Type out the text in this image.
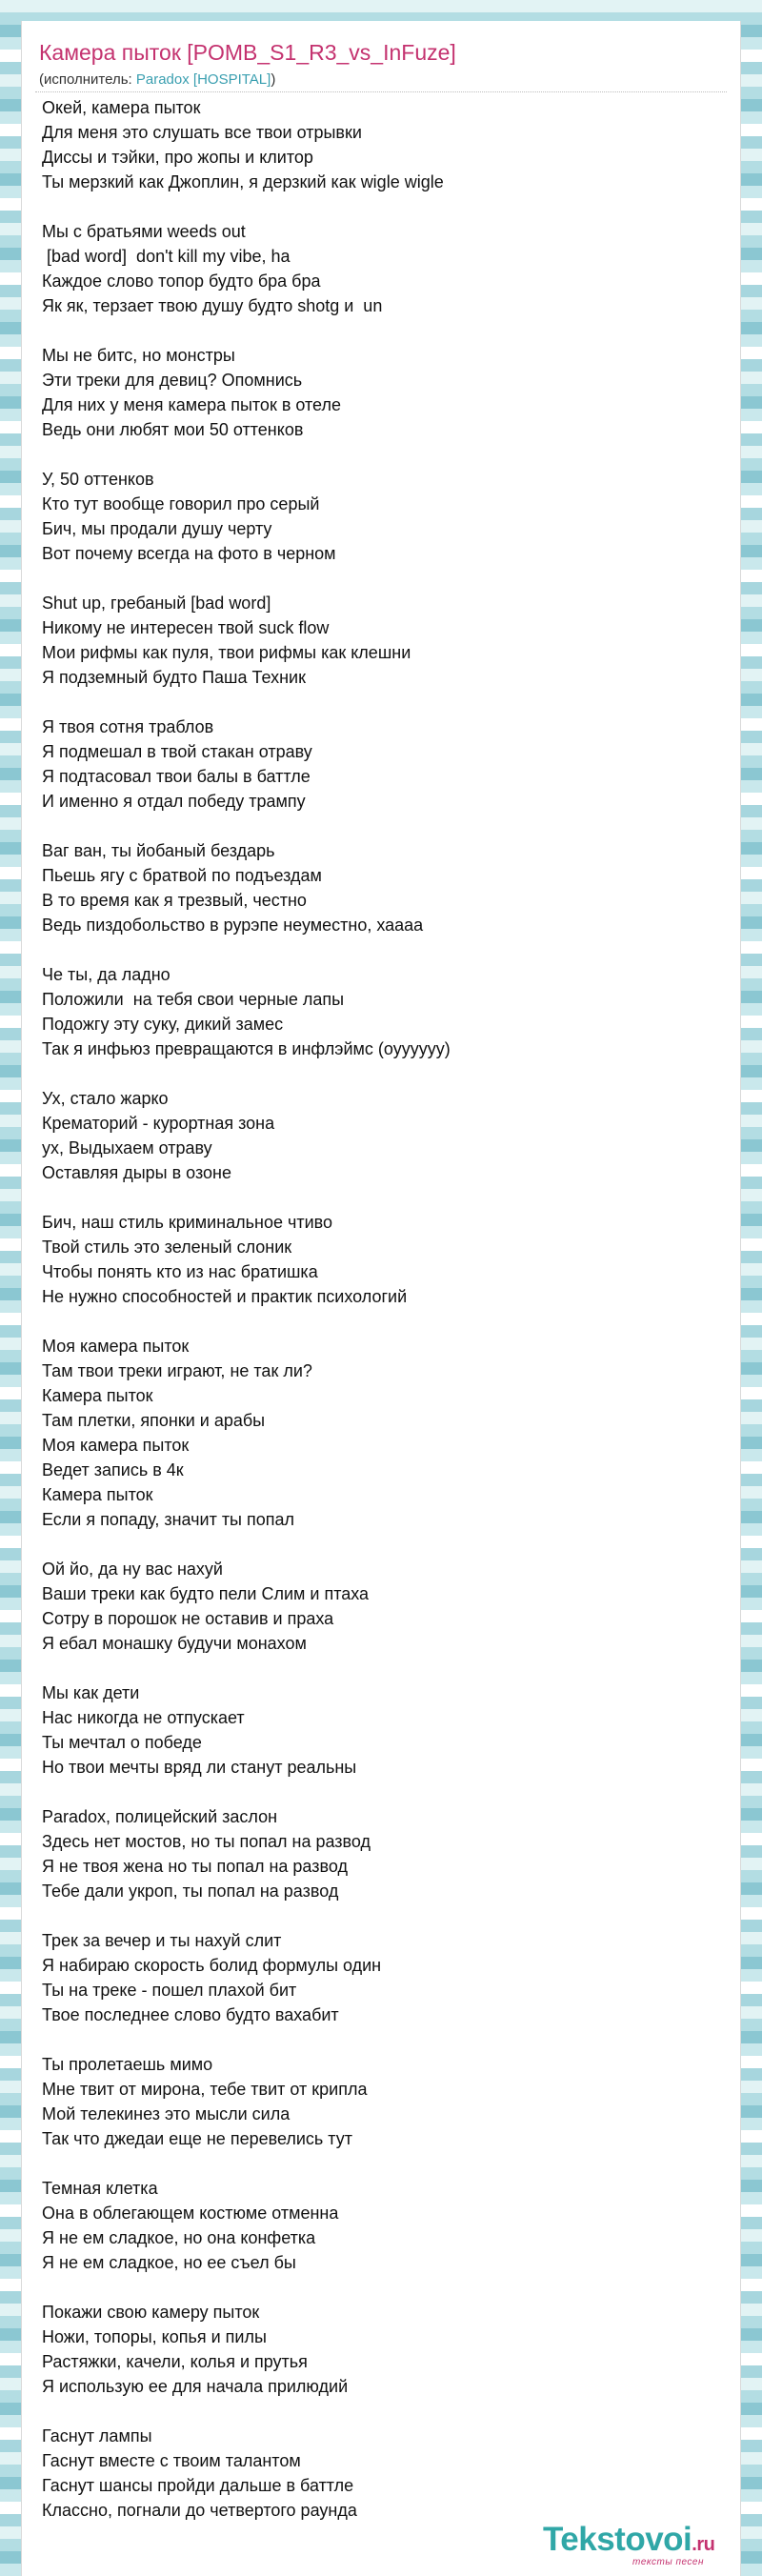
Камера пыток [POMB_S1_R3_vs_InFuze]
(исполнитель: Paradox [HOSPITAL])
Окей, камера пыток
Для меня это слушать все твои отрывки
Диссы и тэйки, про жопы и клитор
Ты мерзкий как Джоплин, я дерзкий как wigle wigle
Мы с братьями weeds out
[bad word]  don't kill my vibe, ha
Каждое слово топор будто бра бра
Як як, терзает твою душу будто shotg и  un
Мы не битс, но монстры
Эти треки для девиц? Опомнись
Для них у меня камера пыток в отеле
Ведь они любят мои 50 оттенков
У, 50 оттенков
Кто тут вообще говорил про серый
Бич, мы продали душу черту
Вот почему всегда на фото в черном
Shut up, гребаный [bad word]
Никому не интересен твой suck flow
Мои рифмы как пуля, твои рифмы как клешни
Я подземный будто Паша Техник
Я твоя сотня траблов
Я подмешал в твой стакан отраву
Я подтасовал твои балы в баттле
И именно я отдал победу трампу
Ваг ван, ты йобаный бездарь
Пьешь ягу с братвой по подъездам
В то время как я трезвый, честно
Ведь пиздобольство в рурэпе неуместно, хаааа
Че ты, да ладно
Положили  на тебя свои черные лапы
Подожгу эту суку, дикий замес
Так я инфьюз превращаются в инфлэймс (оуууууу)
Ух, стало жарко
Крематорий - курортная зона
ух, Выдыхаем отраву
Оставляя дыры в озоне
Бич, наш стиль криминальное чтиво
Твой стиль это зеленый слоник
Чтобы понять кто из нас братишка
Не нужно способностей и практик психологий
Моя камера пыток
Там твои треки играют, не так ли?
Камера пыток
Там плетки, японки и арабы
Моя камера пыток
Ведет запись в 4к
Камера пыток
Если я попаду, значит ты попал
Ой йо, да ну вас нахуй
Ваши треки как будто пели Слим и птаха
Сотру в порошок не оставив и праха
Я ебал монашку будучи монахом
Мы как дети
Нас никогда не отпускает
Ты мечтал о победе
Но твои мечты вряд ли станут реальны
Paradox, полицейский заслон
Здесь нет мостов, но ты попал на развод
Я не твоя жена но ты попал на развод
Тебе дали укроп, ты попал на развод
Трек за вечер и ты нахуй слит
Я набираю скорость болид формулы один
Ты на треке - пошел плахой бит
Твое последнее слово будто вахабит
Ты пролетаешь мимо
Мне твит от мирона, тебе твит от крипла
Мой телекинез это мысли сила
Так что джедаи еще не перевелись тут
Темная клетка
Она в облегающем костюме отменна
Я не ем сладкое, но она конфетка
Я не ем сладкое, но ее съел бы
Покажи свою камеру пыток
Ножи, топоры, копья и пилы
Растяжки, качели, колья и прутья
Я использую ее для начала прилюдий
Гаснут лампы
Гаснут вместе с твоим талантом
Гаснут шансы пройди дальше в баттле
Классно, погнали до четвертого раунда
Tekstovoi.ru
тексты песен
